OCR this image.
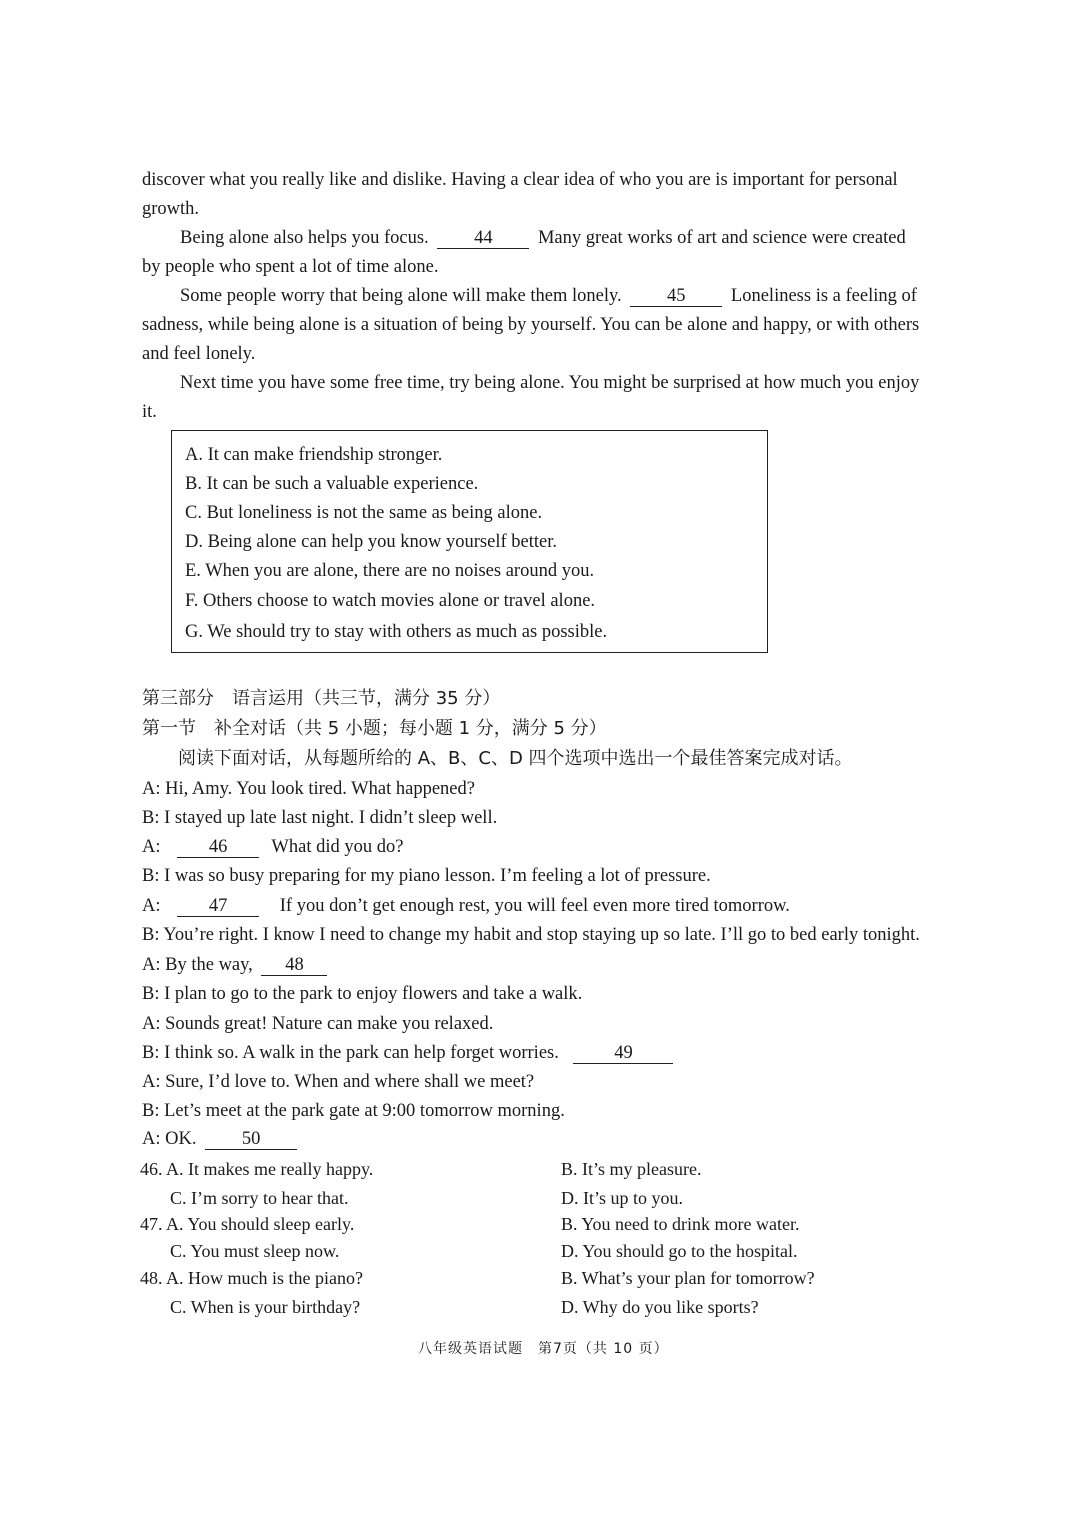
discover what you really like and dislike. Having a clear idea of who you are is important for personal
growth.
Being alone also helps you focus. 44 Many great works of art and science were created
by people who spent a lot of time alone.
Some people worry that being alone will make them lonely. 45 Loneliness is a feeling of
sadness, while being alone is a situation of being by yourself. You can be alone and happy, or with others
and feel lonely.
Next time you have some free time, try being alone. You might be surprised at how much you enjoy
it.
A. It can make friendship stronger.
B. It can be such a valuable experience.
C. But loneliness is not the same as being alone.
D. Being alone can help you know yourself better.
E. When you are alone, there are no noises around you.
F. Others choose to watch movies alone or travel alone.
G. We should try to stay with others as much as possible.
第三部分　语言运用（共三节，满分 35 分）
第一节　补全对话（共 5 小题；每小题 1 分，满分 5 分）
阅读下面对话，从每题所给的 A、B、C、D 四个选项中选出一个最佳答案完成对话。
A: Hi, Amy. You look tired. What happened?
B: I stayed up late last night. I didn’t sleep well.
A:	46 What did you do?
B: I was so busy preparing for my piano lesson. I’m feeling a lot of pressure.
A:	47	If you don’t get enough rest, you will feel even more tired tomorrow.
B: You’re right. I know I need to change my habit and stop staying up so late. I’ll go to bed early tonight.
A: By the way, 48
B: I plan to go to the park to enjoy flowers and take a walk.
A: Sounds great! Nature can make you relaxed.
B: I think so. A walk in the park can help forget worries.	49
A: Sure, I’d love to. When and where shall we meet?
B: Let’s meet at the park gate at 9:00 tomorrow morning.
A: OK. 50
46. A. It makes me really happy.	B. It’s my pleasure.
C. I’m sorry to hear that.	D. It’s up to you.
47. A. You should sleep early.	B. You need to drink more water.
C. You must sleep now.	D. You should go to the hospital.
48. A. How much is the piano?	B. What’s your plan for tomorrow?
C. When is your birthday?	D. Why do you like sports?
八年级英语试题　第7页（共 10 页）
